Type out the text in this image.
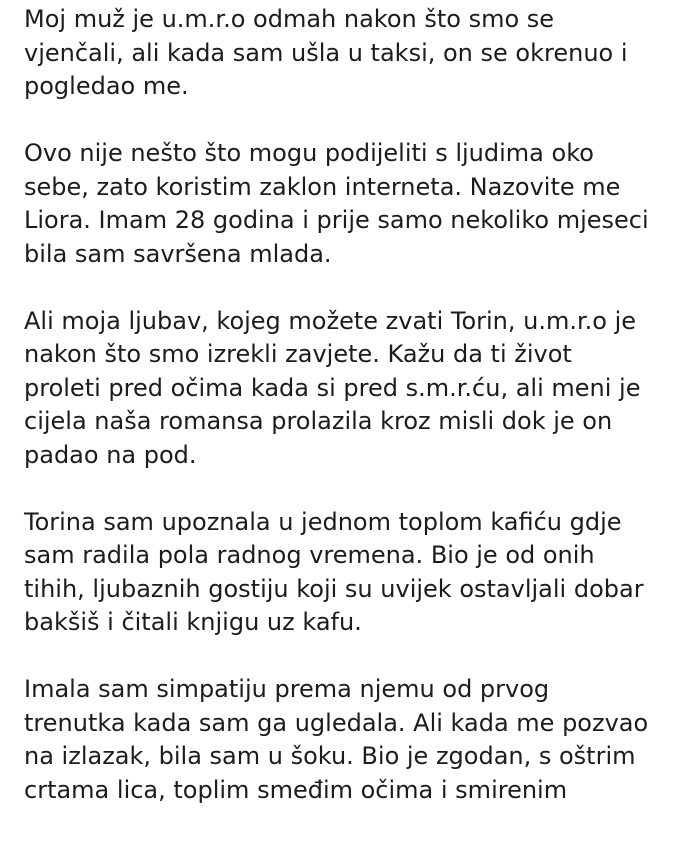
Moj muž je u.m.r.o odmah nakon što smo se
vjenčali, ali kada sam ušla u taksi, on se okrenuo i
pogledao me.

Ovo nije nešto što mogu podijeliti s ljudima oko
sebe, zato koristim zaklon interneta. Nazovite me
Liora. Imam 28 godina i prije samo nekoliko mjeseci
bila sam savršena mlada.

Ali moja ljubav, kojeg možete zvati Torin, u.m.r.o je
nakon što smo izrekli zavjete. Kažu da ti život
proleti pred očima kada si pred s.m.r.ću, ali meni je
cijela naša romansa prolazila kroz misli dok je on
padao na pod.

Torina sam upoznala u jednom toplom kafiću gdje
sam radila pola radnog vremena. Bio je od onih
tihih, ljubaznih gostiju koji su uvijek ostavljali dobar
bakšiš i čitali knjigu uz kafu.

Imala sam simpatiju prema njemu od prvog
trenutka kada sam ga ugledala. Ali kada me pozvao
na izlazak, bila sam u šoku. Bio je zgodan, s oštrim
crtama lica, toplim smeđim očima i smirenim
